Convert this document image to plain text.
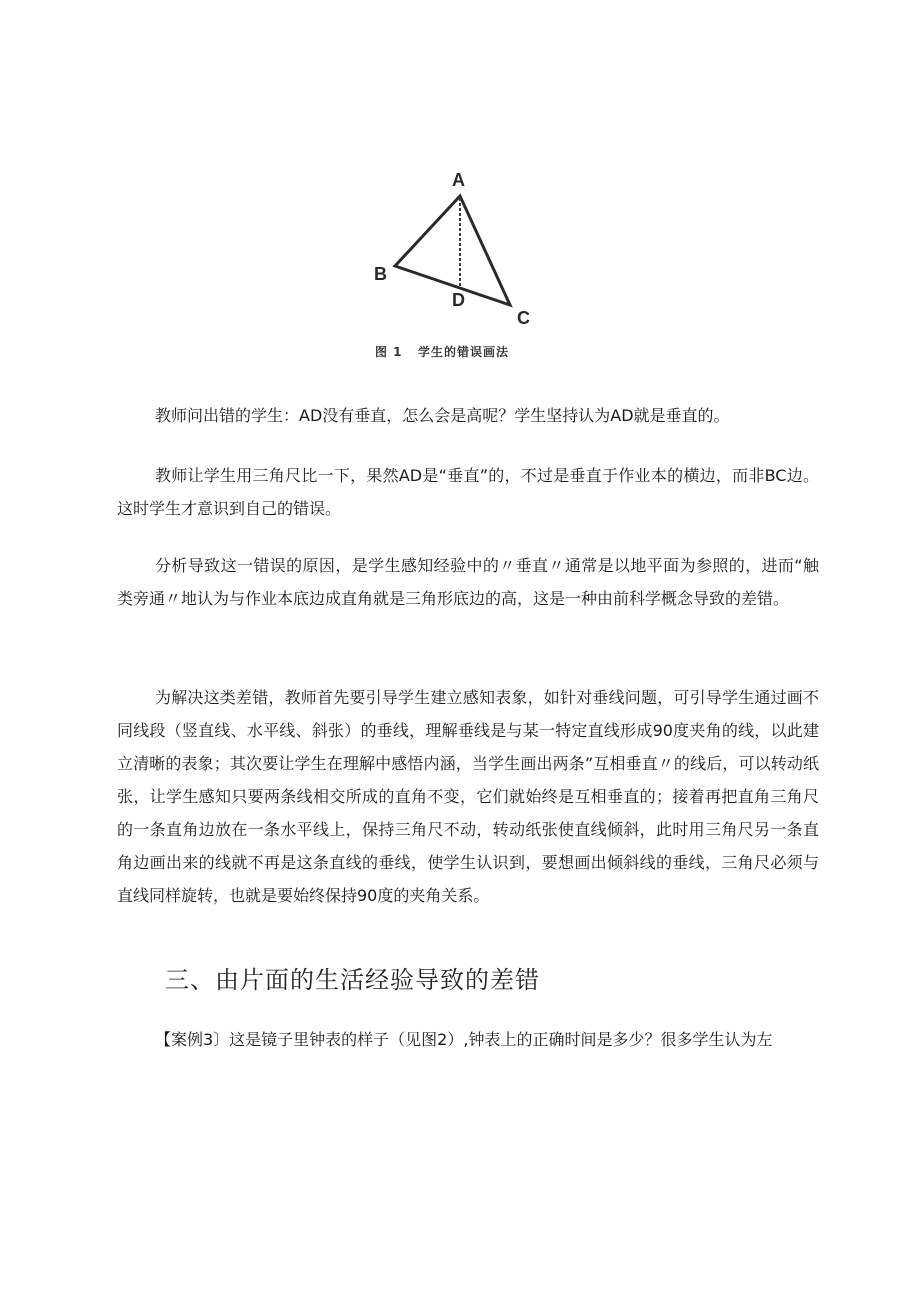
A
B
D
C
图 1   学生的错误画法

教师问出错的学生：AD没有垂直，怎么会是高呢？学生坚持认为AD就是垂直的。

教师让学生用三角尺比一下，果然AD是“垂直”的，不过是垂直于作业本的横边，而非BC边。这时学生才意识到自己的错误。

分析导致这一错误的原因，是学生感知经验中的〃垂直〃通常是以地平面为参照的，进而“触类旁通〃地认为与作业本底边成直角就是三角形底边的高，这是一种由前科学概念导致的差错。

为解决这类差错，教师首先要引导学生建立感知表象，如针对垂线问题，可引导学生通过画不同线段（竖直线、水平线、斜张）的垂线，理解垂线是与某一特定直线形成90度夹角的线，以此建立清晰的表象；其次要让学生在理解中感悟内涵，当学生画出两条”互相垂直〃的线后，可以转动纸张，让学生感知只要两条线相交所成的直角不变，它们就始终是互相垂直的；接着再把直角三角尺的一条直角边放在一条水平线上，保持三角尺不动，转动纸张使直线倾斜，此时用三角尺另一条直角边画出来的线就不再是这条直线的垂线，使学生认识到，要想画出倾斜线的垂线，三角尺必须与直线同样旋转，也就是要始终保持90度的夹角关系。

三、由片面的生活经验导致的差错

【案例3〕这是镜子里钟表的样子（见图2）,钟表上的正确时间是多少？很多学生认为左
